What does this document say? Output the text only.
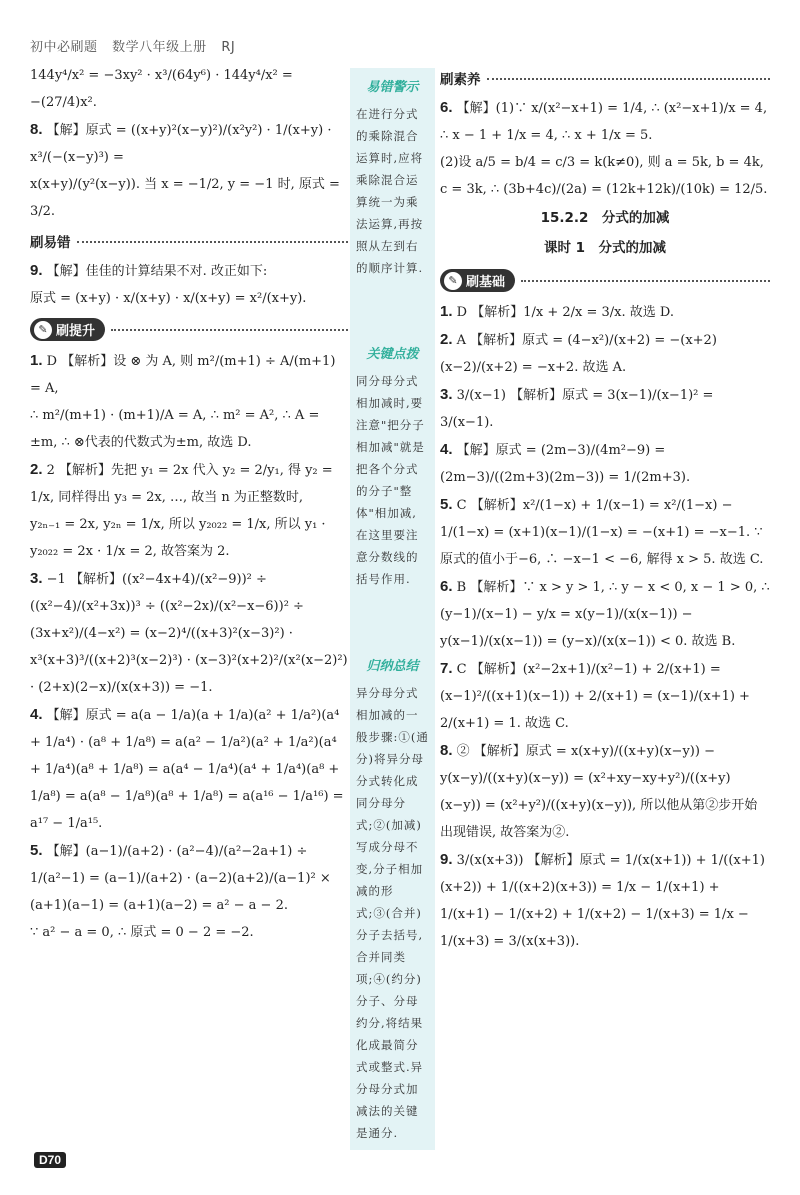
初中必刷题 数学八年级上册 RJ

144y⁴/x² = −3xy² · x³/(64y⁶) · 144y⁴/x² = −(27/4)x².

8. 【解】原式 = ((x+y)²(x−y)²)/(x²y²) · 1/(x+y) · x³/(−(x−y)³) =

x(x+y)/(y²(x−y)). 当 x = −1/2, y = −1 时, 原式 = 3/2.

刷易错

9. 【解】佳佳的计算结果不对. 改正如下:

原式 = (x+y) · x/(x+y) · x/(x+y) = x²/(x+y).

✎ 刷提升

1. D 【解析】设 ⊗ 为 A, 则 m²/(m+1) ÷ A/(m+1) = A,

∴ m²/(m+1) · (m+1)/A = A, ∴ m² = A², ∴ A = ±m, ∴ ⊗代表的代数式为±m, 故选 D.

2. 2 【解析】先把 y₁ = 2x 代入 y₂ = 2/y₁, 得 y₂ = 1/x, 同样得出 y₃ = 2x, …, 故当 n 为正整数时,

y₂ₙ₋₁ = 2x, y₂ₙ = 1/x, 所以 y₂₀₂₂ = 1/x, 所以 y₁ · y₂₀₂₂ = 2x · 1/x = 2, 故答案为 2.

3. −1 【解析】((x²−4x+4)/(x²−9))² ÷ ((x²−4)/(x²+3x))³ ÷ ((x²−2x)/(x²−x−6))² ÷ (3x+x²)/(4−x²) = (x−2)⁴/((x+3)²(x−3)²) · x³(x+3)³/((x+2)³(x−2)³) · (x−3)²(x+2)²/(x²(x−2)²) · (2+x)(2−x)/(x(x+3)) = −1.

4. 【解】原式 = a(a − 1/a)(a + 1/a)(a² + 1/a²)(a⁴ + 1/a⁴) · (a⁸ + 1/a⁸) = a(a² − 1/a²)(a² + 1/a²)(a⁴ + 1/a⁴)(a⁸ + 1/a⁸) = a(a⁴ − 1/a⁴)(a⁴ + 1/a⁴)(a⁸ + 1/a⁸) = a(a⁸ − 1/a⁸)(a⁸ + 1/a⁸) = a(a¹⁶ − 1/a¹⁶) = a¹⁷ − 1/a¹⁵.

5. 【解】(a−1)/(a+2) · (a²−4)/(a²−2a+1) ÷ 1/(a²−1) = (a−1)/(a+2) · (a−2)(a+2)/(a−1)² × (a+1)(a−1) = (a+1)(a−2) = a² − a − 2.

∵ a² − a = 0, ∴ 原式 = 0 − 2 = −2.

易错警示
在进行分式的乘除混合运算时,应将乘除混合运算统一为乘法运算,再按照从左到右的顺序计算.
关键点拨
同分母分式相加减时,要注意"把分子相加减"就是把各个分式的分子"整体"相加减,在这里要注意分数线的括号作用.
归纳总结
异分母分式相加减的一般步骤:①(通分)将异分母分式转化成同分母分式;②(加减)写成分母不变,分子相加减的形式;③(合并)分子去括号,合并同类项;④(约分)分子、分母约分,将结果化成最简分式或整式.异分母分式加减法的关键是通分.
刷素养

6. 【解】(1)∵ x/(x²−x+1) = 1/4, ∴ (x²−x+1)/x = 4, ∴ x − 1 + 1/x = 4, ∴ x + 1/x = 5.

(2)设 a/5 = b/4 = c/3 = k(k≠0), 则 a = 5k, b = 4k, c = 3k, ∴ (3b+4c)/(2a) = (12k+12k)/(10k) = 12/5.

15.2.2　分式的加减
课时 1　分式的加减
✎ 刷基础

1. D 【解析】1/x + 2/x = 3/x. 故选 D.

2. A 【解析】原式 = (4−x²)/(x+2) = −(x+2)(x−2)/(x+2) = −x+2. 故选 A.

3. 3/(x−1) 【解析】原式 = 3(x−1)/(x−1)² = 3/(x−1).

4. 【解】原式 = (2m−3)/(4m²−9) = (2m−3)/((2m+3)(2m−3)) = 1/(2m+3).

5. C 【解析】x²/(1−x) + 1/(x−1) = x²/(1−x) − 1/(1−x) = (x+1)(x−1)/(1−x) = −(x+1) = −x−1. ∵ 原式的值小于−6, ∴ −x−1 < −6, 解得 x > 5. 故选 C.

6. B 【解析】∵ x > y > 1, ∴ y − x < 0, x − 1 > 0, ∴ (y−1)/(x−1) − y/x = x(y−1)/(x(x−1)) − y(x−1)/(x(x−1)) = (y−x)/(x(x−1)) < 0. 故选 B.

7. C 【解析】(x²−2x+1)/(x²−1) + 2/(x+1) = (x−1)²/((x+1)(x−1)) + 2/(x+1) = (x−1)/(x+1) + 2/(x+1) = 1. 故选 C.

8. ② 【解析】原式 = x(x+y)/((x+y)(x−y)) − y(x−y)/((x+y)(x−y)) = (x²+xy−xy+y²)/((x+y)(x−y)) = (x²+y²)/((x+y)(x−y)), 所以他从第②步开始出现错误, 故答案为②.

9. 3/(x(x+3)) 【解析】原式 = 1/(x(x+1)) + 1/((x+1)(x+2)) + 1/((x+2)(x+3)) = 1/x − 1/(x+1) + 1/(x+1) − 1/(x+2) + 1/(x+2) − 1/(x+3) = 1/x − 1/(x+3) = 3/(x(x+3)).

D70
